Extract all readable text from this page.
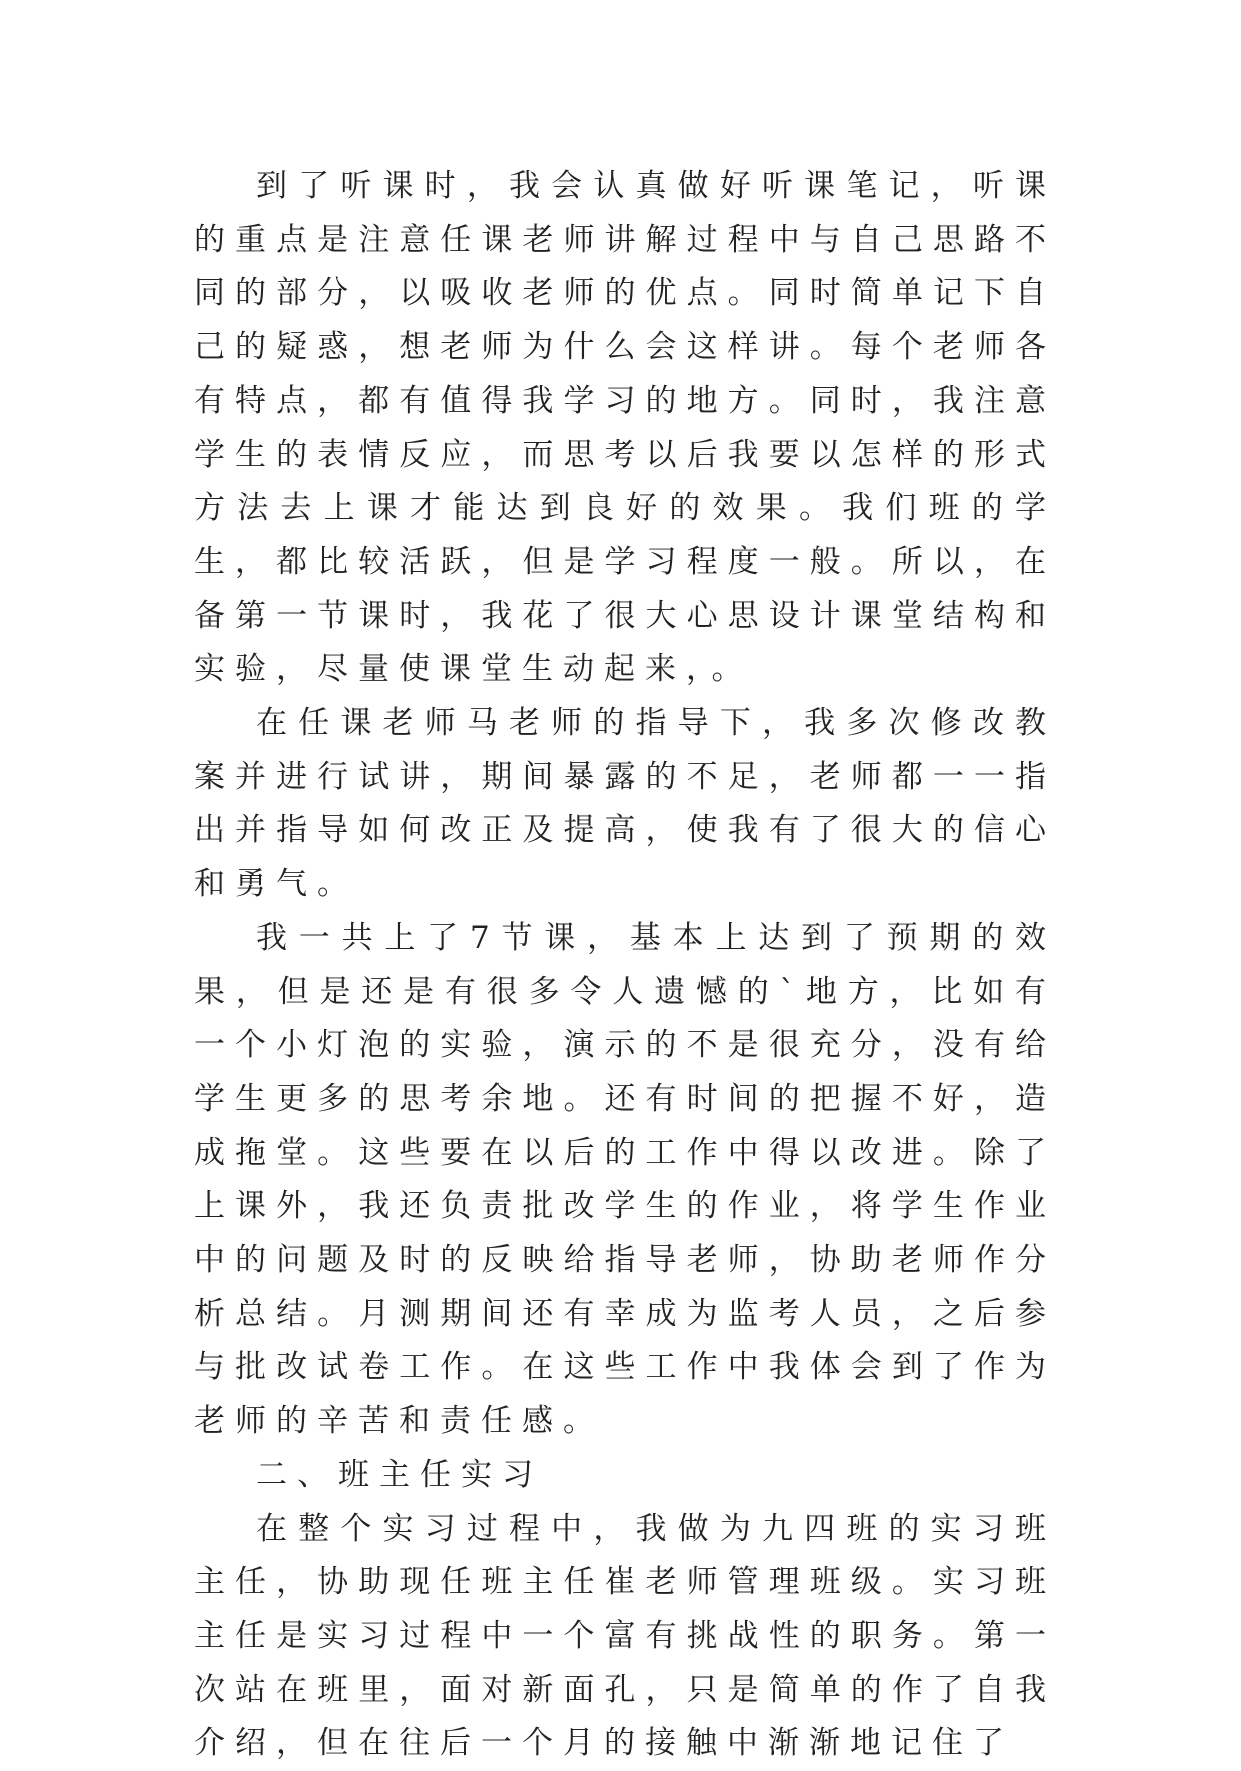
到了听课时，我会认真做好听课笔记，听课的重点是注意任课老师讲解过程中与自己思路不同的部分，以吸收老师的优点。同时简单记下自己的疑惑，想老师为什么会这样讲。每个老师各有特点，都有值得我学习的地方。同时，我注意学生的表情反应，而思考以后我要以怎样的形式方法去上课才能达到良好的效果。我们班的学生，都比较活跃，但是学习程度一般。所以，在备第一节课时，我花了很大心思设计课堂结构和实验，尽量使课堂生动起来，。

在任课老师马老师的指导下，我多次修改教案并进行试讲，期间暴露的不足，老师都一一指出并指导如何改正及提高，使我有了很大的信心和勇气。

我一共上了7节课，基本上达到了预期的效果，但是还是有很多令人遗憾的`地方，比如有一个小灯泡的实验，演示的不是很充分，没有给学生更多的思考余地。还有时间的把握不好，造成拖堂。这些要在以后的工作中得以改进。除了上课外，我还负责批改学生的作业，将学生作业中的问题及时的反映给指导老师，协助老师作分析总结。月测期间还有幸成为监考人员，之后参与批改试卷工作。在这些工作中我体会到了作为老师的辛苦和责任感。

二、班主任实习

在整个实习过程中，我做为九四班的实习班主任，协助现任班主任崔老师管理班级。实习班主任是实习过程中一个富有挑战性的职务。第一次站在班里，面对新面孔，只是简单的作了自我介绍，但在往后一个月的接触中渐渐地记住了
